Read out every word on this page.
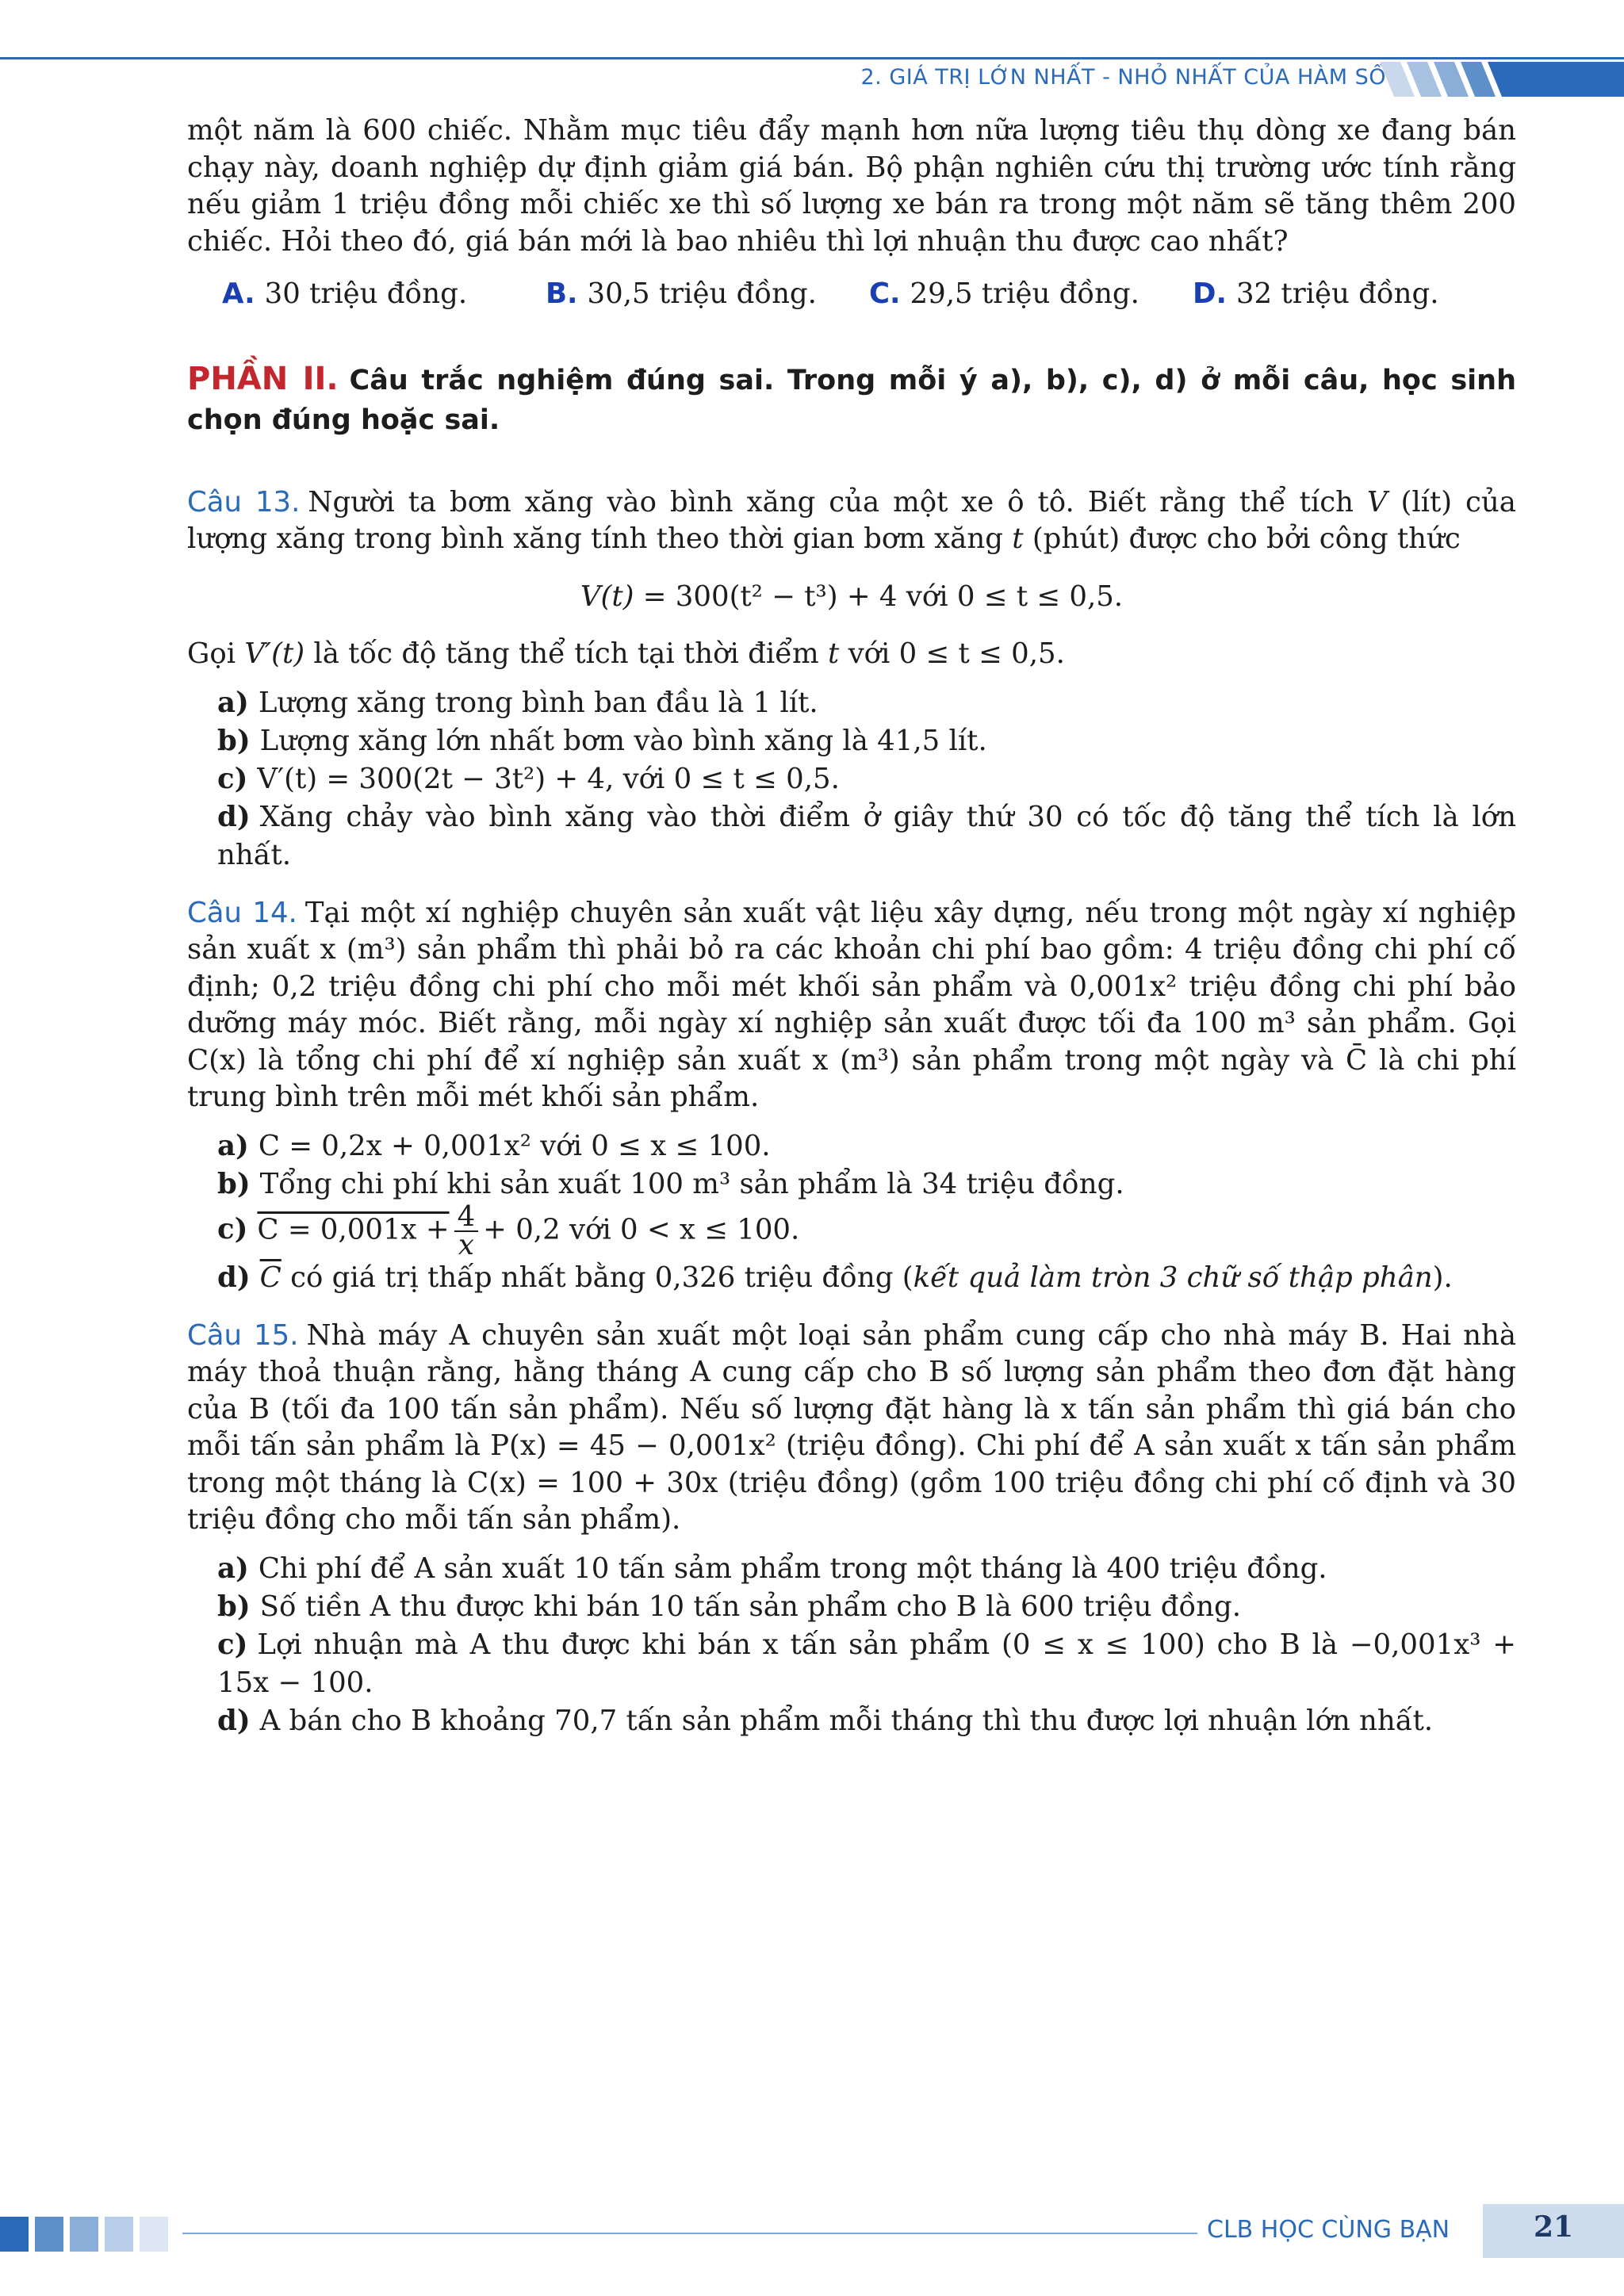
2. GIÁ TRỊ LỚN NHẤT - NHỎ NHẤT CỦA HÀM SỐ

một năm là 600 chiếc. Nhằm mục tiêu đẩy mạnh hơn nữa lượng tiêu thụ dòng xe đang bán chạy này, doanh nghiệp dự định giảm giá bán. Bộ phận nghiên cứu thị trường ước tính rằng nếu giảm 1 triệu đồng mỗi chiếc xe thì số lượng xe bán ra trong một năm sẽ tăng thêm 200 chiếc. Hỏi theo đó, giá bán mới là bao nhiêu thì lợi nhuận thu được cao nhất?

A. 30 triệu đồng.	B. 30,5 triệu đồng.	C. 29,5 triệu đồng.	D. 32 triệu đồng.
PHẦN II. Câu trắc nghiệm đúng sai. Trong mỗi ý a), b), c), d) ở mỗi câu, học sinh chọn đúng hoặc sai.

Câu 13. Người ta bơm xăng vào bình xăng của một xe ô tô. Biết rằng thể tích V (lít) của lượng xăng trong bình xăng tính theo thời gian bơm xăng t (phút) được cho bởi công thức

V(t) = 300(t² − t³) + 4 với 0 ≤ t ≤ 0,5.

Gọi V′(t) là tốc độ tăng thể tích tại thời điểm t với 0 ≤ t ≤ 0,5.

a) Lượng xăng trong bình ban đầu là 1 lít.

b) Lượng xăng lớn nhất bơm vào bình xăng là 41,5 lít.

c) V′(t) = 300(2t − 3t²) + 4, với 0 ≤ t ≤ 0,5.

d) Xăng chảy vào bình xăng vào thời điểm ở giây thứ 30 có tốc độ tăng thể tích là lớn nhất.

Câu 14. Tại một xí nghiệp chuyên sản xuất vật liệu xây dựng, nếu trong một ngày xí nghiệp sản xuất x (m³) sản phẩm thì phải bỏ ra các khoản chi phí bao gồm: 4 triệu đồng chi phí cố định; 0,2 triệu đồng chi phí cho mỗi mét khối sản phẩm và 0,001x² triệu đồng chi phí bảo dưỡng máy móc. Biết rằng, mỗi ngày xí nghiệp sản xuất được tối đa 100 m³ sản phẩm. Gọi C(x) là tổng chi phí để xí nghiệp sản xuất x (m³) sản phẩm trong một ngày và C̄ là chi phí trung bình trên mỗi mét khối sản phẩm.

a) C = 0,2x + 0,001x² với 0 ≤ x ≤ 100.

b) Tổng chi phí khi sản xuất 100 m³ sản phẩm là 34 triệu đồng.

c) $C = 0,001x + \frac{4}{x} + 0,2$ với 0 < x ≤ 100.

d) $\overline{C}$ có giá trị thấp nhất bằng 0,326 triệu đồng (kết quả làm tròn 3 chữ số thập phân).

Câu 15. Nhà máy A chuyên sản xuất một loại sản phẩm cung cấp cho nhà máy B. Hai nhà máy thoả thuận rằng, hằng tháng A cung cấp cho B số lượng sản phẩm theo đơn đặt hàng của B (tối đa 100 tấn sản phẩm). Nếu số lượng đặt hàng là x tấn sản phẩm thì giá bán cho mỗi tấn sản phẩm là P(x) = 45 − 0,001x² (triệu đồng). Chi phí để A sản xuất x tấn sản phẩm trong một tháng là C(x) = 100 + 30x (triệu đồng) (gồm 100 triệu đồng chi phí cố định và 30 triệu đồng cho mỗi tấn sản phẩm).

a) Chi phí để A sản xuất 10 tấn sảm phẩm trong một tháng là 400 triệu đồng.

b) Số tiền A thu được khi bán 10 tấn sản phẩm cho B là 600 triệu đồng.

c) Lợi nhuận mà A thu được khi bán x tấn sản phẩm (0 ≤ x ≤ 100) cho B là −0,001x³ + 15x − 100.

d) A bán cho B khoảng 70,7 tấn sản phẩm mỗi tháng thì thu được lợi nhuận lớn nhất.

CLB HỌC CÙNG BẠN	21
